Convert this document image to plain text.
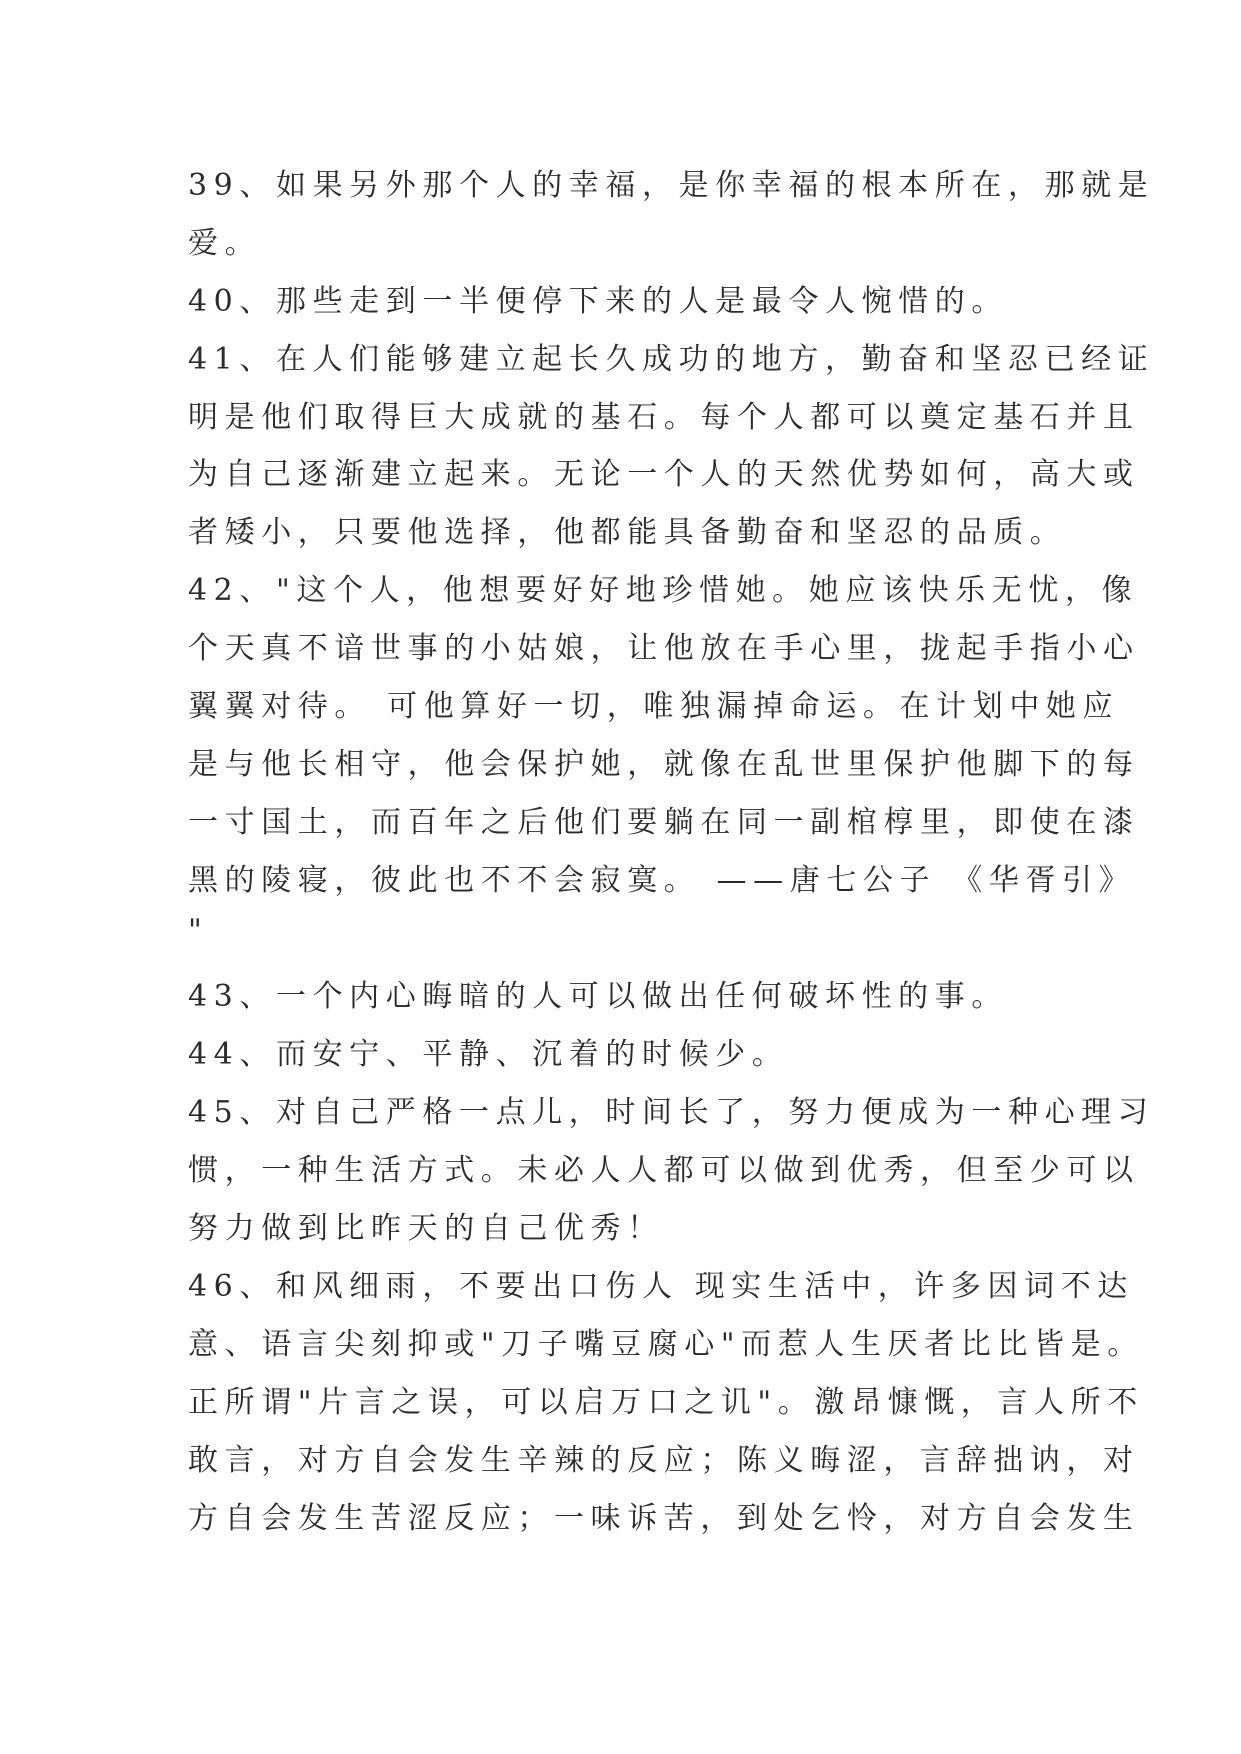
39、如果另外那个人的幸福，是你幸福的根本所在，那就是
爱。
40、那些走到一半便停下来的人是最令人惋惜的。
41、在人们能够建立起长久成功的地方，勤奋和坚忍已经证
明是他们取得巨大成就的基石。每个人都可以奠定基石并且
为自己逐渐建立起来。无论一个人的天然优势如何，高大或
者矮小，只要他选择，他都能具备勤奋和坚忍的品质。
42、"这个人，他想要好好地珍惜她。她应该快乐无忧，像
个天真不谙世事的小姑娘，让他放在手心里，拢起手指小心
翼翼对待。 可他算好一切，唯独漏掉命运。在计划中她应
是与他长相守，他会保护她，就像在乱世里保护他脚下的每
一寸国土，而百年之后他们要躺在同一副棺椁里，即使在漆
黑的陵寝，彼此也不不会寂寞。 ——唐七公子 《华胥引》
"
43、一个内心晦暗的人可以做出任何破坏性的事。
44、而安宁、平静、沉着的时候少。
45、对自己严格一点儿，时间长了，努力便成为一种心理习
惯，一种生活方式。未必人人都可以做到优秀，但至少可以
努力做到比昨天的自己优秀！
46、和风细雨，不要出口伤人 现实生活中，许多因词不达
意、语言尖刻抑或"刀子嘴豆腐心"而惹人生厌者比比皆是。
正所谓"片言之误，可以启万口之讥"。激昂慷慨，言人所不
敢言，对方自会发生辛辣的反应；陈义晦涩，言辞拙讷，对
方自会发生苦涩反应；一味诉苦，到处乞怜，对方自会发生
